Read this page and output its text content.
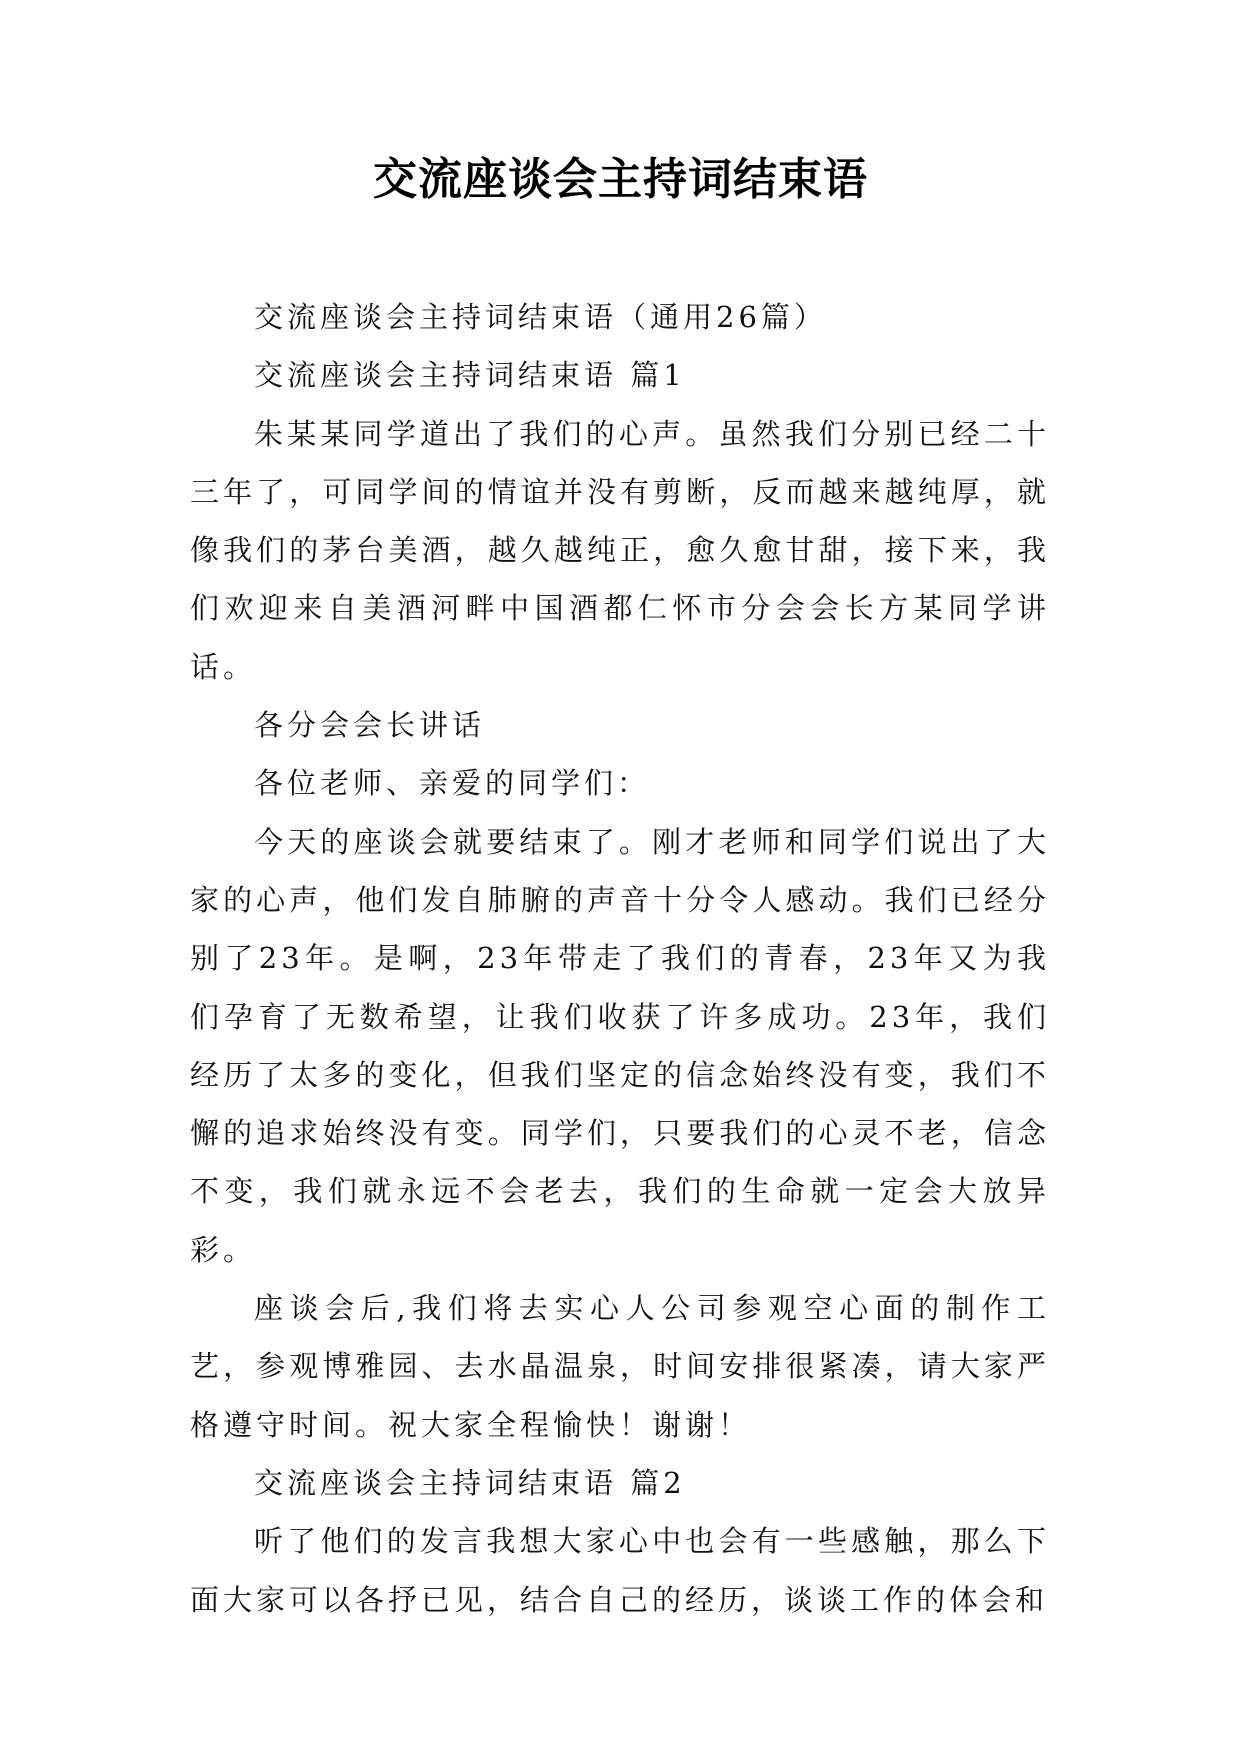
交流座谈会主持词结束语

交流座谈会主持词结束语（通用26篇）

交流座谈会主持词结束语 篇1

朱某某同学道出了我们的心声。虽然我们分别已经二十三年了，可同学间的情谊并没有剪断，反而越来越纯厚，就像我们的茅台美酒，越久越纯正，愈久愈甘甜，接下来，我们欢迎来自美酒河畔中国酒都仁怀市分会会长方某同学讲话。

各分会会长讲话

各位老师、亲爱的同学们：

今天的座谈会就要结束了。刚才老师和同学们说出了大家的心声，他们发自肺腑的声音十分令人感动。我们已经分别了23年。是啊，23年带走了我们的青春，23年又为我们孕育了无数希望，让我们收获了许多成功。23年，我们经历了太多的变化，但我们坚定的信念始终没有变，我们不懈的追求始终没有变。同学们，只要我们的心灵不老，信念不变，我们就永远不会老去，我们的生命就一定会大放异彩。

座谈会后,我们将去实心人公司参观空心面的制作工艺，参观博雅园、去水晶温泉，时间安排很紧凑，请大家严格遵守时间。祝大家全程愉快！谢谢！

交流座谈会主持词结束语 篇2

听了他们的发言我想大家心中也会有一些感触，那么下面大家可以各抒已见，结合自己的经历，谈谈工作的体会和
